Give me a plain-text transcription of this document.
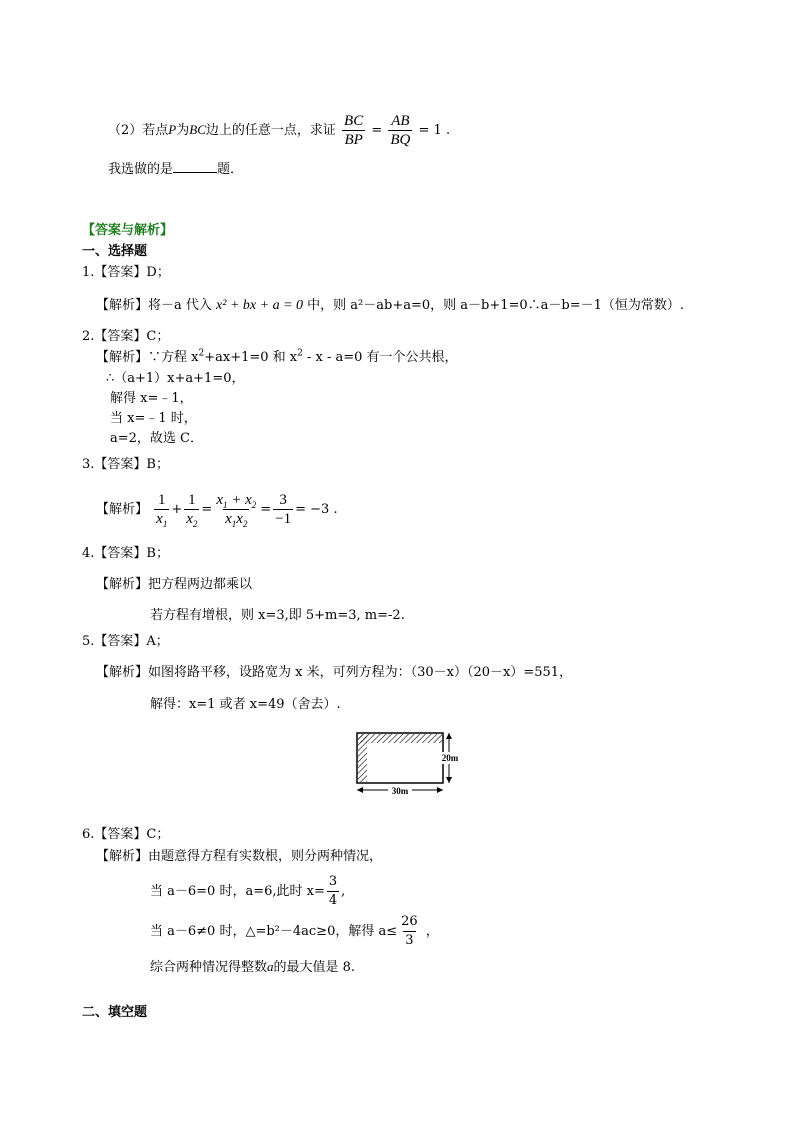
（2）若点P为BC边上的任意一点，求证 $\frac{BC}{BP} = \frac{AB}{BQ} = 1$ .
我选做的是	题．
【答案与解析】
一、选择题
1.【答案】D；
【解析】将－a 代入 x² + bx + a = 0 中，则 a²－ab+a=0，则 a－b+1=0∴a－b=－1（恒为常数）.
2.【答案】C；
【解析】∵方程 $x^2+ax+1=0$ 和 $x^2 - x - a=0$ 有一个公共根，
∴（a+1）x+a+1=0，
解得 x=﹣1，
当 x=﹣1 时，
a=2，故选 C．
3.【答案】B；
【解析】 $\frac{1}{x_1} + \frac{1}{x_2} = \frac{x_1 + x_2}{x_1x_2} = \frac{3}{-1} = -3$ .
4.【答案】B；
【解析】把方程两边都乘以
若方程有增根，则 x=3,即 5+m=3, m=-2.
5.【答案】A；
【解析】如图将路平移，设路宽为 x 米，可列方程为：（30－x）（20－x）=551，
解得：x=1 或者 x=49（舍去）.
20m
30m
6.【答案】C；
【解析】由题意得方程有实数根，则分两种情况，
当 a－6=0 时，a=6,此时 $x= \frac{3}{4}$ ,
当 a－6≠0 时，△=b²－4ac≥0，解得 $a\le \frac{26}{3}$ ，
综合两种情况得整数a的最大值是 8.
二、填空题
